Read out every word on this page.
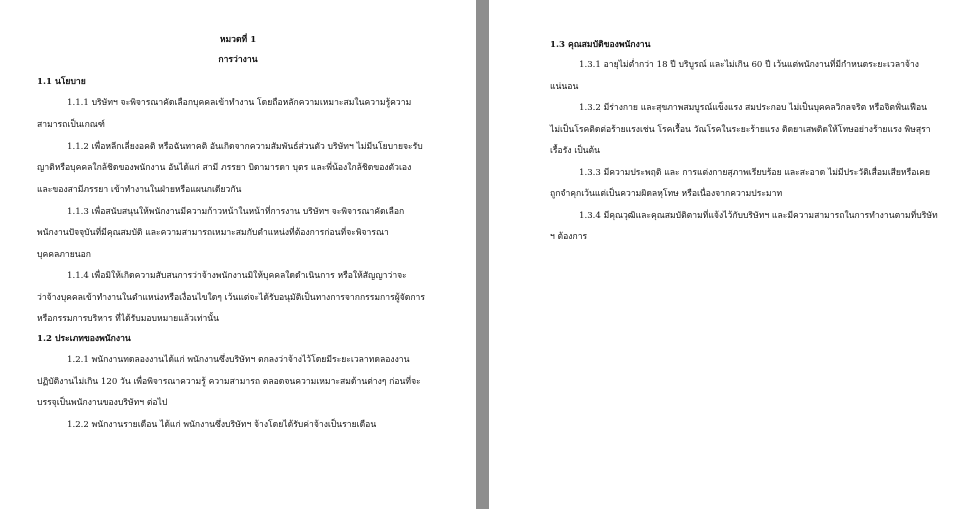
หมวดที่ 1
การว่างาน
1.1 นโยบาย
1.1.1 บริษัทฯ จะพิจารณาคัดเลือกบุคคลเข้าทำงาน โดยถือหลักความเหมาะสมในความรู้ความ
สามารถเป็นเกณฑ์
1.1.2 เพื่อหลีกเลี่ยงอคติ หรือฉันทาคติ อันเกิดจากความสัมพันธ์ส่วนตัว บริษัทฯ ไม่มีนโยบายจะรับ
ญาติหรือบุคคลใกล้ชิดของพนักงาน อันได้แก่ สามี ภรรยา บิดามารดา บุตร และพี่น้องใกล้ชิดของตัวเอง
และของสามีภรรยา เข้าทำงานในฝ่ายหรือแผนกเดียวกัน
1.1.3 เพื่อสนับสนุนให้พนักงานมีความก้าวหน้าในหน้าที่การงาน บริษัทฯ จะพิจารณาคัดเลือก
พนักงานปัจจุบันที่มีคุณสมบัติ และความสามารถเหมาะสมกับตำแหน่งที่ต้องการก่อนที่จะพิจารณา
บุคคลภายนอก
1.1.4 เพื่อมิให้เกิดความสับสนการว่าจ้างพนักงานมิให้บุคคลใดดำเนินการ หรือให้สัญญาว่าจะ
ว่าจ้างบุคคลเข้าทำงานในตำแหน่งหรือเงื่อนไขใดๆ เว้นแต่จะได้รับอนุมัติเป็นทางการจากกรรมการผู้จัดการ
หรือกรรมการบริหาร ที่ได้รับมอบหมายแล้วเท่านั้น
1.2 ประเภทของพนักงาน
1.2.1 พนักงานทดลองงานได้แก่ พนักงานซึ่งบริษัทฯ ตกลงว่าจ้างไว้โดยมีระยะเวลาทดลองงาน
ปฏิบัติงานไม่เกิน 120 วัน เพื่อพิจารณาความรู้ ความสามารถ ตลอดจนความเหมาะสมด้านต่างๆ ก่อนที่จะ
บรรจุเป็นพนักงานของบริษัทฯ ต่อไป
1.2.2 พนักงานรายเดือน ได้แก่ พนักงานซึ่งบริษัทฯ จ้างโดยได้รับค่าจ้างเป็นรายเดือน
1.3 คุณสมบัติของพนักงาน
1.3.1 อายุไม่ต่ำกว่า 18 ปี บริบูรณ์ และไม่เกิน 60 ปี เว้นแต่พนักงานที่มีกำหนดระยะเวลาจ้าง
แน่นอน
1.3.2 มีร่างกาย และสุขภาพสมบูรณ์แข็งแรง สมประกอบ ไม่เป็นบุคคลวิกลจริต หรือจิตฟั่นเฟือน
ไม่เป็นโรคติดต่อร้ายแรงเช่น โรคเรื้อน วัณโรคในระยะร้ายแรง ติดยาเสพติดให้โทษอย่างร้ายแรง พิษสุรา
เรื้อรัง เป็นต้น
1.3.3 มีความประพฤติ และ การแต่งกายสุภาพเรียบร้อย และสะอาด ไม่มีประวัติเสื่อมเสียหรือเคย
ถูกจำคุกเว้นแต่เป็นความผิดลหุโทษ หรือเนื่องจากความประมาท
1.3.4 มีคุณวุฒิและคุณสมบัติตามที่แจ้งไว้กับบริษัทฯ และมีความสามารถในการทำงานตามที่บริษัท
ฯ ต้องการ
